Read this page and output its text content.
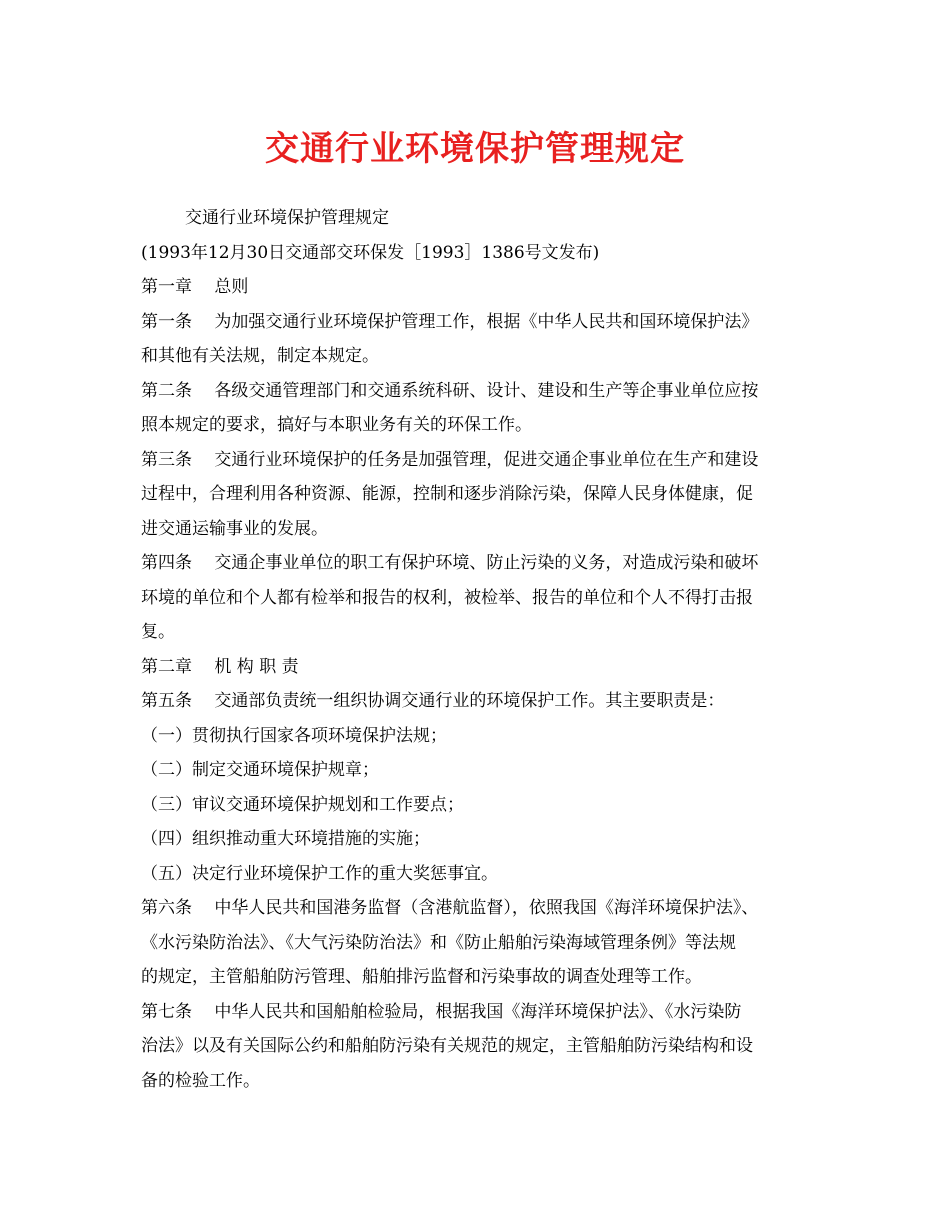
交通行业环境保护管理规定
交通行业环境保护管理规定
(1993年12月30日交通部交环保发［1993］1386号文发布)
第一章　 总则
第一条　 为加强交通行业环境保护管理工作，根据《中华人民共和国环境保护法》
和其他有关法规，制定本规定。
第二条　 各级交通管理部门和交通系统科研、设计、建设和生产等企事业单位应按
照本规定的要求，搞好与本职业务有关的环保工作。
第三条　 交通行业环境保护的任务是加强管理，促进交通企事业单位在生产和建设
过程中，合理利用各种资源、能源，控制和逐步消除污染，保障人民身体健康，促
进交通运输事业的发展。
第四条　 交通企事业单位的职工有保护环境、防止污染的义务，对造成污染和破坏
环境的单位和个人都有检举和报告的权利，被检举、报告的单位和个人不得打击报
复。
第二章　 机 构 职 责
第五条　 交通部负责统一组织协调交通行业的环境保护工作。其主要职责是：
（一）贯彻执行国家各项环境保护法规；
（二）制定交通环境保护规章；
（三）审议交通环境保护规划和工作要点；
（四）组织推动重大环境措施的实施；
（五）决定行业环境保护工作的重大奖惩事宜。
第六条　 中华人民共和国港务监督（含港航监督），依照我国《海洋环境保护法》、
《水污染防治法》、《大气污染防治法》和《防止船舶污染海域管理条例》等法规
的规定，主管船舶防污管理、船舶排污监督和污染事故的调查处理等工作。
第七条　 中华人民共和国船舶检验局，根据我国《海洋环境保护法》、《水污染防
治法》以及有关国际公约和船舶防污染有关规范的规定，主管船舶防污染结构和设
备的检验工作。
